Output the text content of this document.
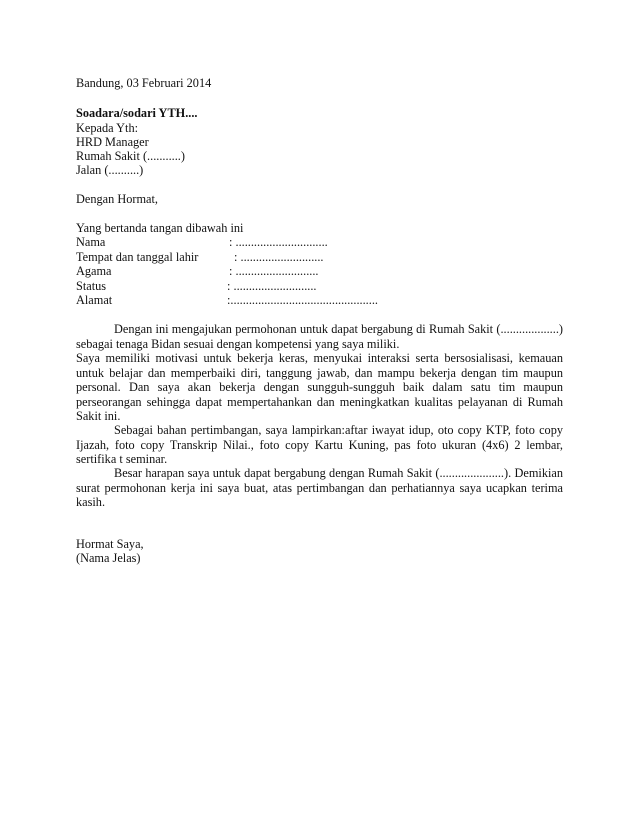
Bandung, 03 Februari 2014
Soadara/sodari YTH....
Kepada Yth:
HRD Manager
Rumah Sakit (...........)
Jalan (..........)
Dengan Hormat,
Yang bertanda tangan dibawah ini
Nama	: ..............................
Tempat dan tanggal lahir	: ...........................
Agama	: ...........................
Status	: ...........................
Alamat	:................................................
Dengan ini mengajukan permohonan untuk dapat bergabung di Rumah Sakit (...................) sebagai tenaga Bidan sesuai dengan kompetensi yang saya miliki.
Saya memiliki motivasi untuk bekerja keras, menyukai interaksi serta bersosialisasi, kemauan untuk belajar dan memperbaiki diri, tanggung jawab, dan mampu bekerja dengan tim maupun personal. Dan saya akan bekerja dengan sungguh-sungguh baik dalam satu tim maupun perseorangan sehingga dapat mempertahankan dan meningkatkan kualitas pelayanan di Rumah Sakit ini.
Sebagai bahan pertimbangan, saya lampirkan:aftar iwayat idup, oto copy KTP, foto copy Ijazah, foto copy Transkrip Nilai., foto copy Kartu Kuning, pas foto ukuran (4x6) 2 lembar, sertifika t seminar.
Besar harapan saya untuk dapat bergabung dengan Rumah Sakit (.....................). Demikian surat permohonan kerja ini saya buat, atas pertimbangan dan perhatiannya saya ucapkan terima kasih.
Hormat Saya,
(Nama Jelas)
